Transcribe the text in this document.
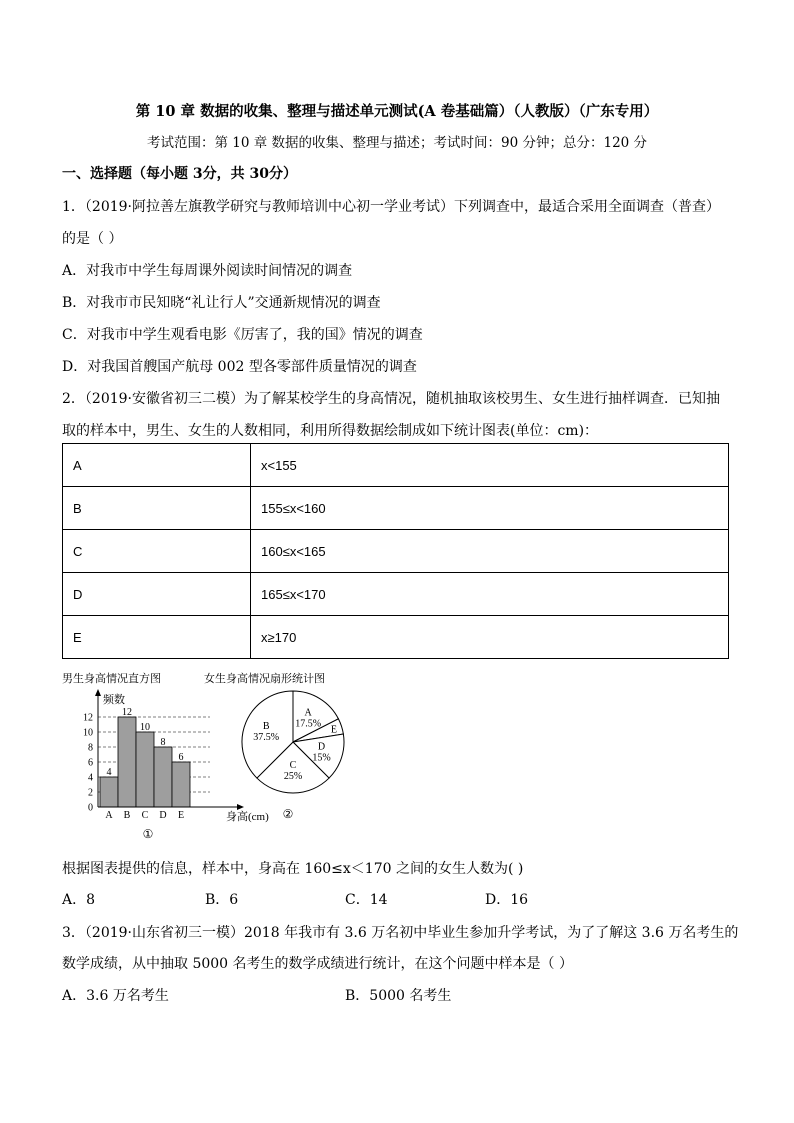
第 10 章 数据的收集、整理与描述单元测试(A 卷基础篇）（人教版）（广东专用）
考试范围：第 10 章 数据的收集、整理与描述；考试时间：90 分钟；总分：120 分
一、选择题（每小题 3分，共 30分）
1．（2019·阿拉善左旗教学研究与教师培训中心初一学业考试）下列调查中，最适合采用全面调查（普查）
的是（ ）
A．对我市中学生每周课外阅读时间情况的调查
B．对我市市民知晓“礼让行人”交通新规情况的调查
C．对我市中学生观看电影《厉害了，我的国》情况的调查
D．对我国首艘国产航母 002 型各零部件质量情况的调查
2．（2019·安徽省初三二模）为了解某校学生的身高情况，随机抽取该校男生、女生进行抽样调查．已知抽
取的样本中，男生、女生的人数相同，利用所得数据绘制成如下统计图表(单位：cm)：
A	x<155
B	155≤x<160
C	160≤x<165
D	165≤x<170
E	x≥170
男生身高情况直方图	女生身高情况扇形统计图
4
A
12
B
10
C
8
D
6
E
0
2
4
6
8
10
12
频数
身高(cm)
①
B
37.5%
A
17.5%
C
25%
D
15%
E
②
根据图表提供的信息，样本中，身高在 160≤x＜170 之间的女生人数为( )
A．8	B．6	C．14	D．16
3．（2019·山东省初三一模）2018 年我市有 3.6 万名初中毕业生参加升学考试，为了了解这 3.6 万名考生的
数学成绩，从中抽取 5000 名考生的数学成绩进行统计，在这个问题中样本是（ ）
A．3.6 万名考生	B．5000 名考生
